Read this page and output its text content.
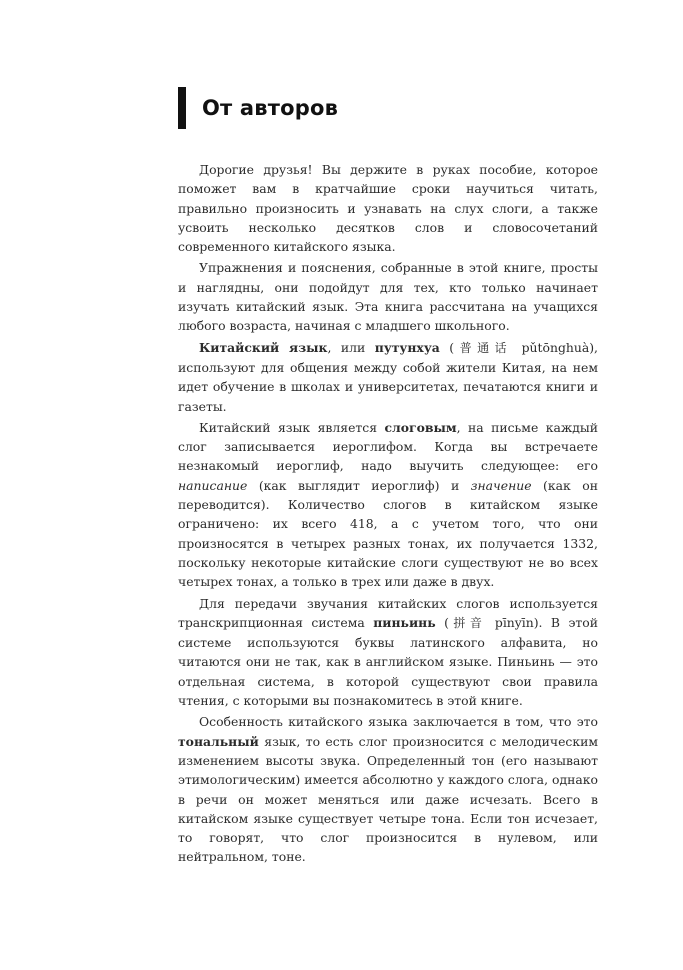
От авторов

Дорогие друзья! Вы держите в руках пособие, которое поможет вам в кратчайшие сроки научиться читать, правильно произносить и узнавать на слух слоги, а также усвоить несколько десятков слов и словосочетаний современного китайского языка.

Упражнения и пояснения, собранные в этой книге, просты и наглядны, они подойдут для тех, кто только начинает изучать китайский язык. Эта книга рассчитана на учащихся любого возраста, начиная с младшего школьного.

Китайский язык, или путунхуа (普通话 pǔtōnghuà), используют для общения между собой жители Китая, на нем идет обучение в школах и университетах, печатаются книги и газеты.

Китайский язык является слоговым, на письме каждый слог записывается иероглифом. Когда вы встречаете незнакомый иероглиф, надо выучить следующее: его написание (как выглядит иероглиф) и значение (как он переводится). Количество слогов в китайском языке ограничено: их всего 418, а с учетом того, что они произносятся в четырех разных тонах, их получается 1332, поскольку некоторые китайские слоги существуют не во всех четырех тонах, а только в трех или даже в двух.

Для передачи звучания китайских слогов используется транскрипционная система пиньинь (拼音 pīnyīn). В этой системе используются буквы латинского алфавита, но читаются они не так, как в английском языке. Пиньинь — это отдельная система, в которой существуют свои правила чтения, с которыми вы познакомитесь в этой книге.

Особенность китайского языка заключается в том, что это тональный язык, то есть слог произносится с мелодическим изменением высоты звука. Определенный тон (его называют этимологическим) имеется абсолютно у каждого слога, однако в речи он может меняться или даже исчезать. Всего в китайском языке существует четыре тона. Если тон исчезает, то говорят, что слог произносится в нулевом, или нейтральном, тоне.
